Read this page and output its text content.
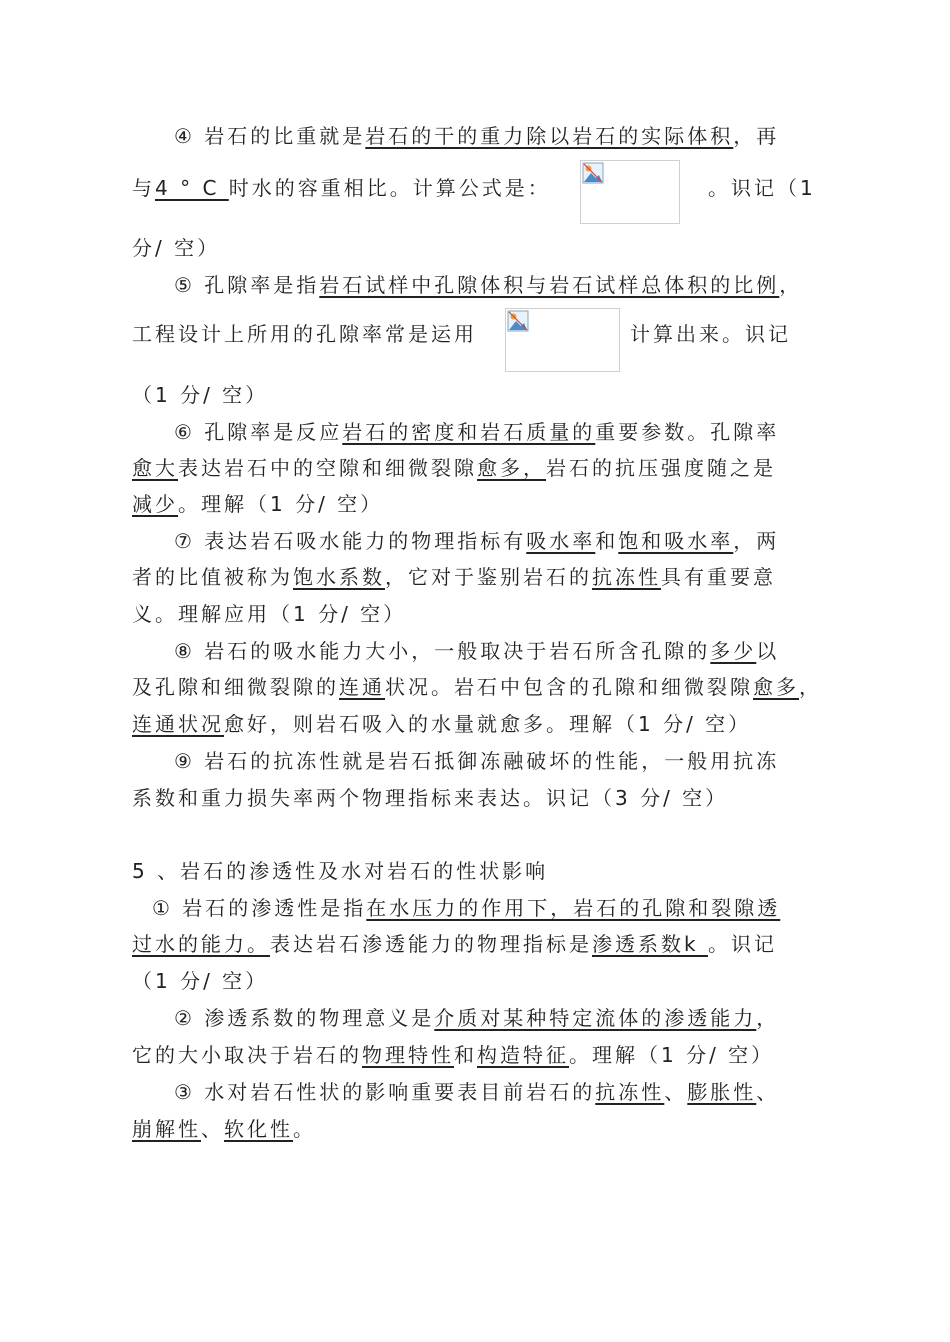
④ 岩石的比重就是岩石的干的重力除以岩石的实际体积，再
与4 ° C 时水的容重相比。计算公式是：	。识记（1
分/ 空）
⑤ 孔隙率是指岩石试样中孔隙体积与岩石试样总体积的比例，
工程设计上所用的孔隙率常是运用	计算出来。识记
（1 分/ 空）
⑥ 孔隙率是反应岩石的密度和岩石质量的重要参数。孔隙率
愈大表达岩石中的空隙和细微裂隙愈多，岩石的抗压强度随之是
减少。理解（1 分/ 空）
⑦ 表达岩石吸水能力的物理指标有吸水率和饱和吸水率，两
者的比值被称为饱水系数，它对于鉴别岩石的抗冻性具有重要意
义。理解应用（1 分/ 空）
⑧ 岩石的吸水能力大小，一般取决于岩石所含孔隙的多少以
及孔隙和细微裂隙的连通状况。岩石中包含的孔隙和细微裂隙愈多，
连通状况愈好，则岩石吸入的水量就愈多。理解（1 分/ 空）
⑨ 岩石的抗冻性就是岩石抵御冻融破坏的性能，一般用抗冻
系数和重力损失率两个物理指标来表达。识记（3 分/ 空）
5 、岩石的渗透性及水对岩石的性状影响
① 岩石的渗透性是指在水压力的作用下，岩石的孔隙和裂隙透
过水的能力。表达岩石渗透能力的物理指标是渗透系数k 。识记
（1 分/ 空）
② 渗透系数的物理意义是介质对某种特定流体的渗透能力，
它的大小取决于岩石的物理特性和构造特征。理解（1 分/ 空）
③ 水对岩石性状的影响重要表目前岩石的抗冻性、膨胀性、
崩解性、软化性。
